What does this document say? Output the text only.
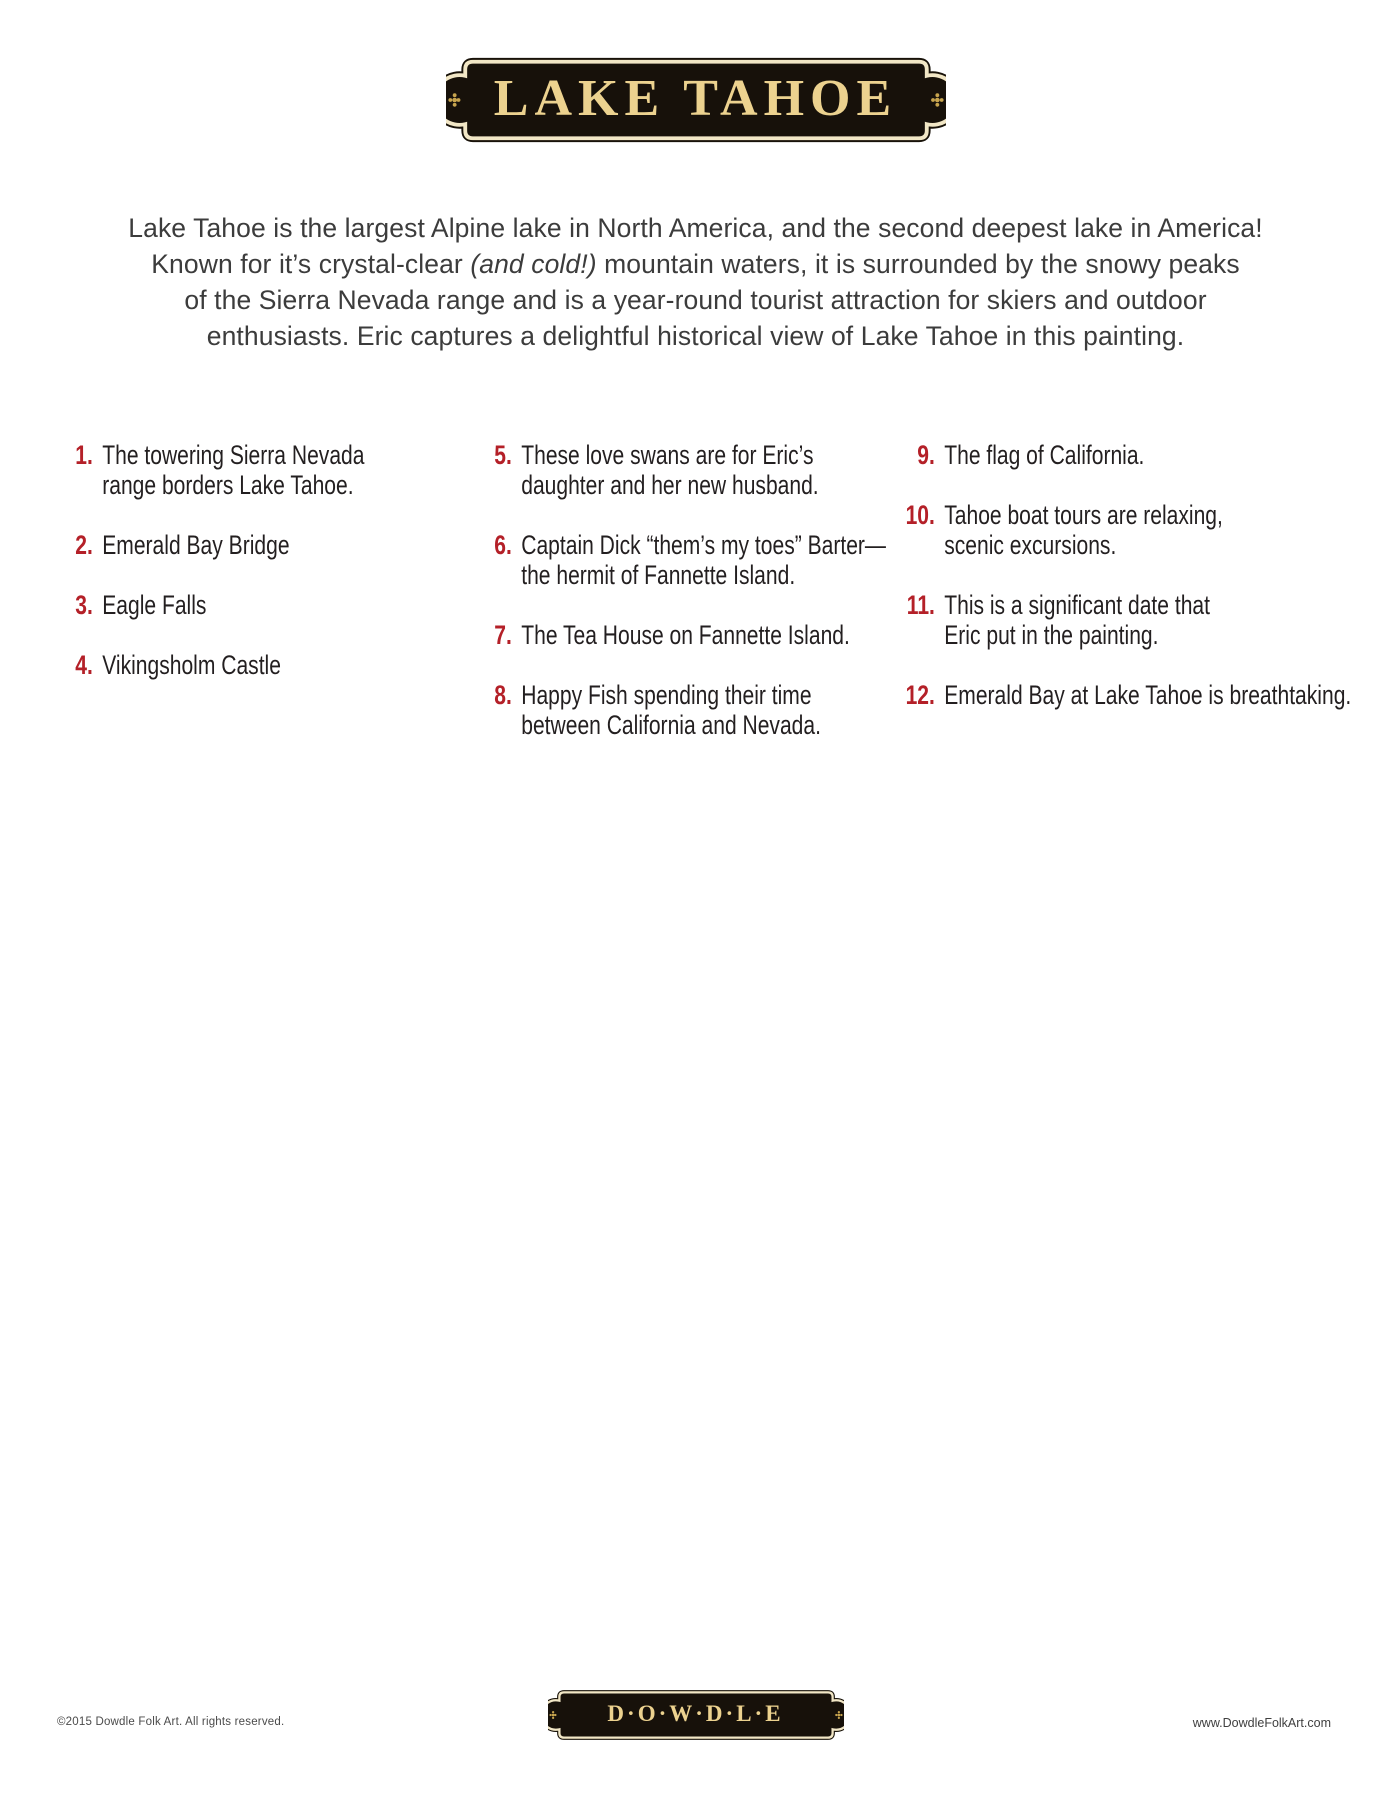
LAKE TAHOE
Lake Tahoe is the largest Alpine lake in North America, and the second deepest lake in America!
Known for it’s crystal-clear (and cold!) mountain waters, it is surrounded by the snowy peaks
of the Sierra Nevada range and is a year-round tourist attraction for skiers and outdoor
enthusiasts. Eric captures a delightful historical view of Lake Tahoe in this painting.
1. The towering Sierra Nevada
range borders Lake Tahoe.
2. Emerald Bay Bridge
3. Eagle Falls
4. Vikingsholm Castle
5. These love swans are for Eric’s
daughter and her new husband.
6. Captain Dick “them’s my toes” Barter—
the hermit of Fannette Island.
7. The Tea House on Fannette Island.
8. Happy Fish spending their time
between California and Nevada.
9. The flag of California.
10. Tahoe boat tours are relaxing,
scenic excursions.
11. This is a significant date that
Eric put in the painting.
12. Emerald Bay at Lake Tahoe is breathtaking.
©2015 Dowdle Folk Art. All rights reserved.	D·O·W·D·L·E	www.DowdleFolkArt.com
